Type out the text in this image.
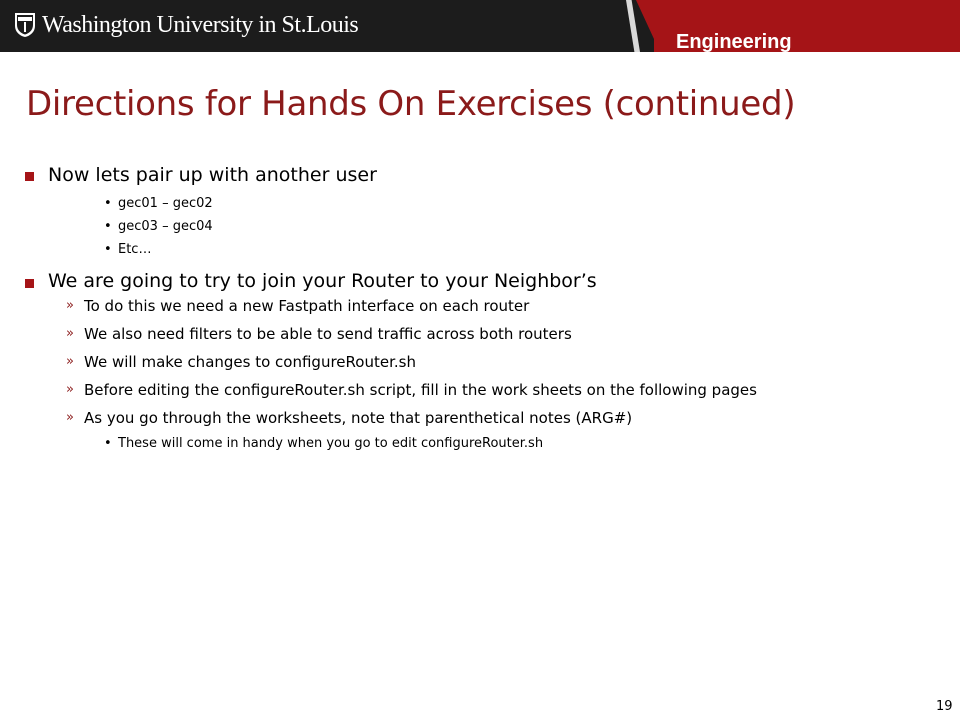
Washington University in St.Louis
Engineering
Directions for Hands On Exercises (continued)
Now lets pair up with another user
• gec01 – gec02
• gec03 – gec04
• Etc…
We are going to try to join your Router to your Neighbor’s
» To do this we need a new Fastpath interface on each router
» We also need filters to be able to send traffic across both routers
» We will make changes to configureRouter.sh
» Before editing the configureRouter.sh script, fill in the work sheets on the following pages
» As you go through the worksheets, note that parenthetical notes (ARG#)
• These will come in handy when you go to edit configureRouter.sh
19
